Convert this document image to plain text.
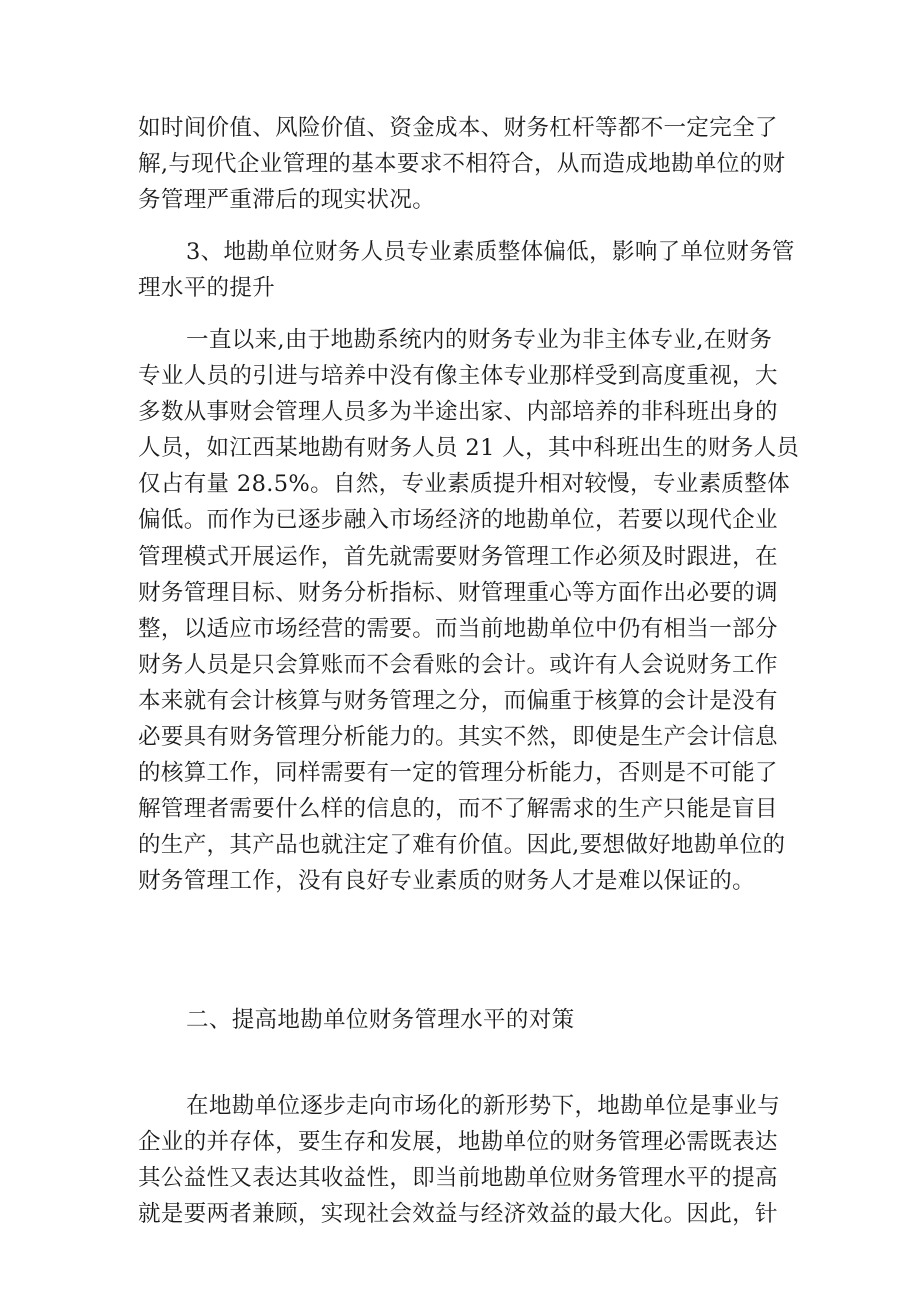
如时间价值、风险价值、资金成本、财务杠杆等都不一定完全了
解,与现代企业管理的基本要求不相符合，从而造成地勘单位的财
务管理严重滞后的现实状况。
3、地勘单位财务人员专业素质整体偏低，影响了单位财务管
理水平的提升
一直以来,由于地勘系统内的财务专业为非主体专业,在财务
专业人员的引进与培养中没有像主体专业那样受到高度重视，大
多数从事财会管理人员多为半途出家、内部培养的非科班出身的
人员，如江西某地勘有财务人员 21 人，其中科班出生的财务人员
仅占有量 28.5%。自然，专业素质提升相对较慢，专业素质整体
偏低。而作为已逐步融入市场经济的地勘单位，若要以现代企业
管理模式开展运作，首先就需要财务管理工作必须及时跟进，在
财务管理目标、财务分析指标、财管理重心等方面作出必要的调
整，以适应市场经营的需要。而当前地勘单位中仍有相当一部分
财务人员是只会算账而不会看账的会计。或许有人会说财务工作
本来就有会计核算与财务管理之分，而偏重于核算的会计是没有
必要具有财务管理分析能力的。其实不然，即使是生产会计信息
的核算工作，同样需要有一定的管理分析能力，否则是不可能了
解管理者需要什么样的信息的，而不了解需求的生产只能是盲目
的生产，其产品也就注定了难有价值。因此,要想做好地勘单位的
财务管理工作，没有良好专业素质的财务人才是难以保证的。
二、提高地勘单位财务管理水平的对策
在地勘单位逐步走向市场化的新形势下，地勘单位是事业与
企业的并存体，要生存和发展，地勘单位的财务管理必需既表达
其公益性又表达其收益性，即当前地勘单位财务管理水平的提高
就是要两者兼顾，实现社会效益与经济效益的最大化。因此，针
